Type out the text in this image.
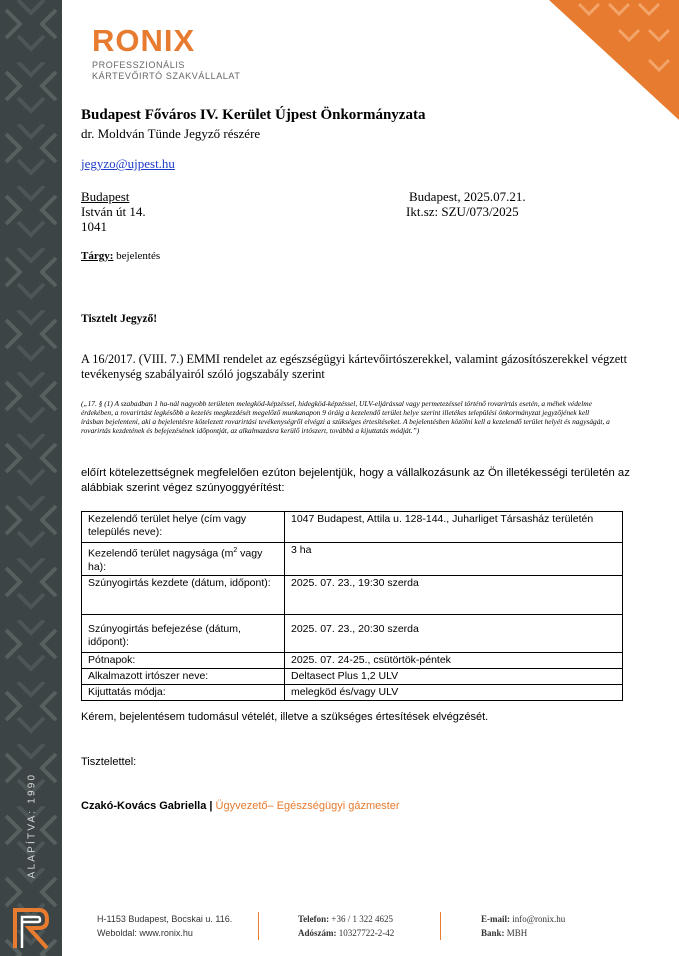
ALAPÍTVA: 1990
RONIX
PROFESSZIONÁLIS
KÁRTEVŐIRTÓ SZAKVÁLLALAT
Budapest Főváros IV. Kerület Újpest Önkormányzata
dr. Moldván Tünde Jegyző részére
jegyzo@ujpest.hu
Budapest
István út 14.
1041
Budapest, 2025.07.21.
Ikt.sz: SZU/073/2025
Tárgy: bejelentés
Tisztelt Jegyző!
A 16/2017. (VIII. 7.) EMMI rendelet az egészségügyi kártevőirtószerekkel, valamint gázosítószerekkel végzett tevékenység szabályairól szóló jogszabály szerint
(„17. § (1) A szabadban 1 ha-nál nagyobb területen melegköd-képzéssel, hidegköd-képzéssel, ULV-eljárással vagy permetezéssel történő rovarirtás esetén, a méhek védelme érdekében, a rovarirtást legkésőbb a kezelés megkezdését megelőző munkanapon 9 óráig a kezelendő terület helye szerint illetékes települési önkormányzat jegyzőjének kell írásban bejelenteni, aki a bejelentésre kötelezett rovarirtási tevékenységről elvégzi a szükséges értesítéseket. A bejelentésben közölni kell a kezelendő terület helyét és nagyságát, a rovarirtás kezdetének és befejezésének időpontját, az alkalmazásra kerülő irtószert, továbbá a kijuttatás módját.”)
előírt kötelezettségnek megfelelően ezúton bejelentjük, hogy a vállalkozásunk az Ön illetékességi területén az alábbiak szerint végez szúnyoggyérítést:
Kezelendő terület helye (cím vagy település neve):	1047 Budapest, Attila u. 128-144., Juharliget Társasház területén
Kezelendő terület nagysága ($m^2$ vagy ha):	3 ha
Szúnyogirtás kezdete (dátum, időpont):	2025. 07. 23., 19:30 szerda
Szúnyogirtás befejezése (dátum, időpont):	2025. 07. 23., 20:30 szerda
Pótnapok:	2025. 07. 24-25., csütörtök-péntek
Alkalmazott irtószer neve:	Deltasect Plus 1,2 ULV
Kijuttatás módja:	melegköd és/vagy ULV
Kérem, bejelentésem tudomásul vételét, illetve a szükséges értesítések elvégzését.
Tisztelettel:
Czakó-Kovács Gabriella | Ügyvezető– Egészségügyi gázmester
H-1153 Budapest, Bocskai u. 116.
Weboldal: www.ronix.hu
Telefon: +36 / 1 322 4625
Adószám: 10327722-2-42
E-mail: info@ronix.hu
Bank: MBH
